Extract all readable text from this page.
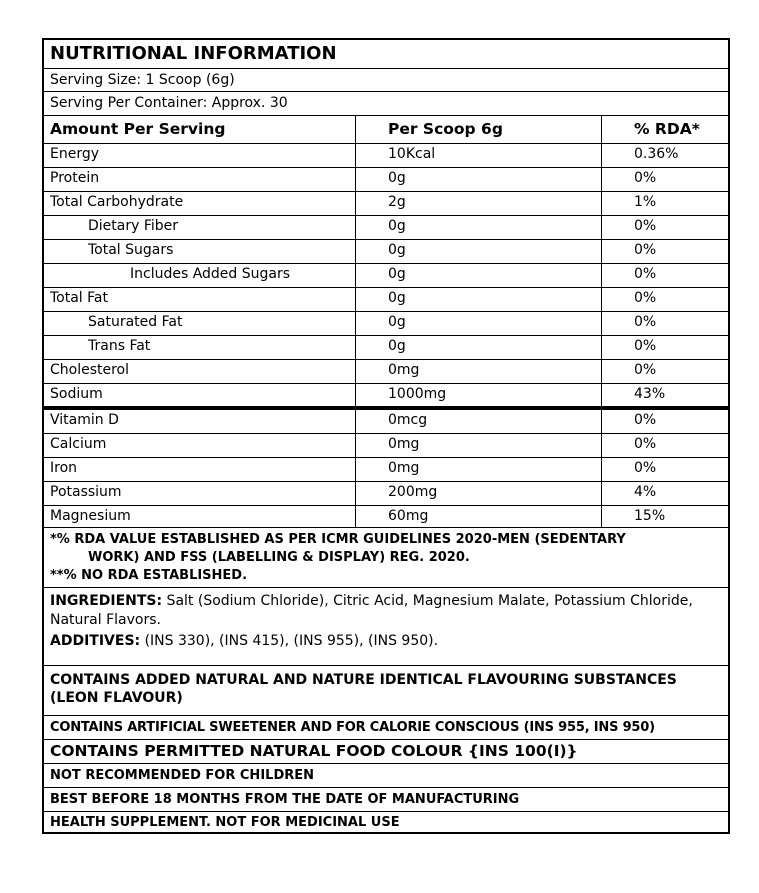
NUTRITIONAL INFORMATION
Serving Size: 1 Scoop (6g)
Serving Per Container: Approx. 30
Amount Per Serving	Per Scoop 6g	% RDA*
Energy	10Kcal	0.36%
Protein	0g	0%
Total Carbohydrate	2g	1%
Dietary Fiber	0g	0%
Total Sugars	0g	0%
Includes Added Sugars	0g	0%
Total Fat	0g	0%
Saturated Fat	0g	0%
Trans Fat	0g	0%
Cholesterol	0mg	0%
Sodium	1000mg	43%
Vitamin D	0mcg	0%
Calcium	0mg	0%
Iron	0mg	0%
Potassium	200mg	4%
Magnesium	60mg	15%
*% RDA VALUE ESTABLISHED AS PER ICMR GUIDELINES 2020-MEN (SEDENTARY
WORK) AND FSS (LABELLING & DISPLAY) REG. 2020.
**% NO RDA ESTABLISHED.
INGREDIENTS: Salt (Sodium Chloride), Citric Acid, Magnesium Malate, Potassium Chloride, Natural Flavors.
ADDITIVES: (INS 330), (INS 415), (INS 955), (INS 950).
CONTAINS ADDED NATURAL AND NATURE IDENTICAL FLAVOURING SUBSTANCES (LEON FLAVOUR)
CONTAINS ARTIFICIAL SWEETENER AND FOR CALORIE CONSCIOUS (INS 955, INS 950)
CONTAINS PERMITTED NATURAL FOOD COLOUR {INS 100(I)}
NOT RECOMMENDED FOR CHILDREN
BEST BEFORE 18 MONTHS FROM THE DATE OF MANUFACTURING
HEALTH SUPPLEMENT. NOT FOR MEDICINAL USE
